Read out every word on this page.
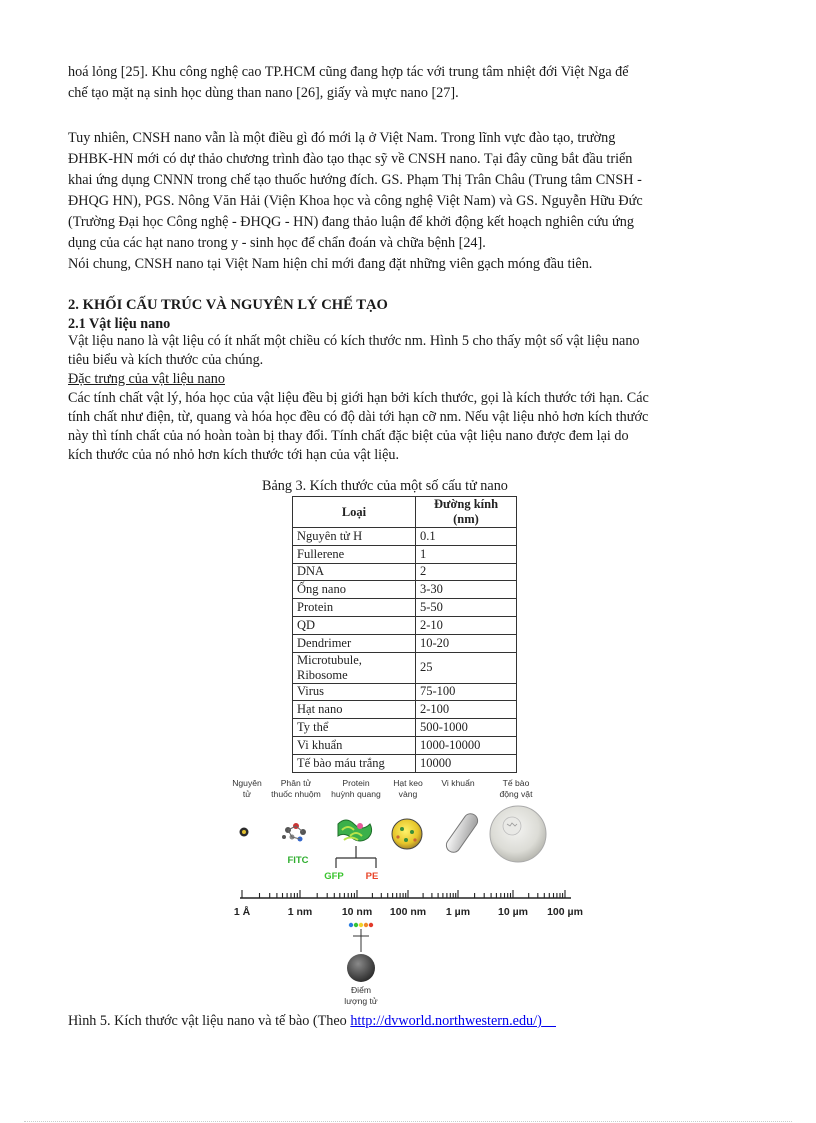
hoá lỏng [25]. Khu công nghệ cao TP.HCM cũng đang hợp tác với trung tâm nhiệt đới Việt Nga để
chế tạo mặt nạ sinh học dùng than nano [26], giấy và mực nano [27].
Tuy nhiên, CNSH nano vẫn là một điều gì đó mới lạ ở Việt Nam. Trong lĩnh vực đào tạo, trường
ĐHBK-HN mới có dự thảo chương trình đào tạo thạc sỹ về CNSH nano. Tại đây cũng bắt đầu triển
khai ứng dụng CNNN trong chế tạo thuốc hướng đích. GS. Phạm Thị Trân Châu (Trung tâm CNSH -
ĐHQG HN), PGS. Nông Văn Hải (Viện Khoa học và công nghệ Việt Nam) và GS. Nguyễn Hữu Đức
(Trường Đại học Công nghệ - ĐHQG - HN) đang thảo luận để khởi động kết hoạch nghiên cứu ứng
dụng của các hạt nano trong y - sinh học để chẩn đoán và chữa bệnh [24].
Nói chung, CNSH nano tại Việt Nam hiện chỉ mới đang đặt những viên gạch móng đầu tiên.
2. KHỐI CẤU TRÚC VÀ NGUYÊN LÝ CHẾ TẠO
2.1 Vật liệu nano
Vật liệu nano là vật liệu có ít nhất một chiều có kích thước nm. Hình 5 cho thấy một số vật liệu nano
tiêu biểu và kích thước của chúng.
Đặc trưng của vật liệu nano
Các tính chất vật lý, hóa học của vật liệu đều bị giới hạn bởi kích thước, gọi là kích thước tới hạn. Các
tính chất như điện, từ, quang và hóa học đều có độ dài tới hạn cỡ nm. Nếu vật liệu nhỏ hơn kích thước
này thì tính chất của nó hoàn toàn bị thay đổi. Tính chất đặc biệt của vật liệu nano được đem lại do
kích thước của nó nhỏ hơn kích thước tới hạn của vật liệu.
Bảng 3. Kích thước của một số cấu tử nano
Loại	Đường kính (nm)
Nguyên tử H	0.1
Fullerene	1
DNA	2
Ống nano	3-30
Protein	5-50
QD	2-10
Dendrimer	10-20
Microtubule, Ribosome	25
Virus	75-100
Hạt nano	2-100
Ty thể	500-1000
Vi khuẩn	1000-10000
Tế bào máu trắng	10000
Nguyên
tử
Phân tử
thuốc nhuộm
Protein
huỳnh quang
Hạt keo
vàng
Vi khuẩn	Tế bào
động vật
FITC
GFP PE
1 Å	1 nm	10 nm 100 nm 1 µm	10 µm 100 µm
Điểm
lượng tử
Hình 5. Kích thước vật liệu nano và tế bào (Theo http://dvworld.northwestern.edu/)
